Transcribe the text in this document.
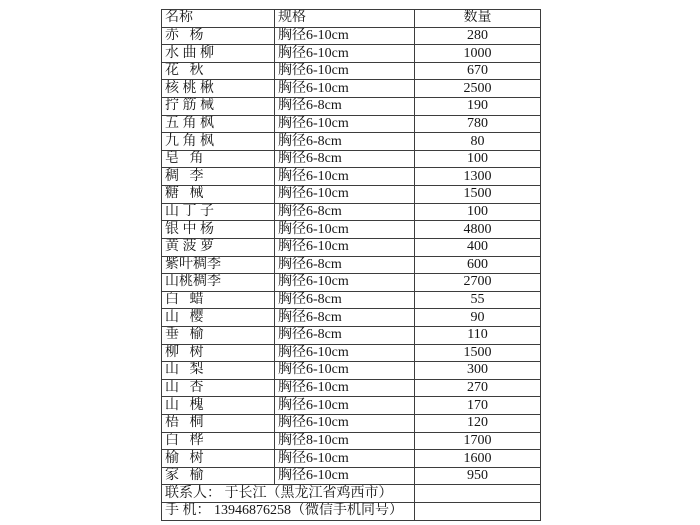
名称	规格	数量
赤   杨	胸径6-10cm	280
水 曲 柳	胸径6-10cm	1000
花   秋	胸径6-10cm	670
核 桃 楸	胸径6-10cm	2500
拧 筋 械	胸径6-8cm	190
五 角 枫	胸径6-10cm	780
九 角 枫	胸径6-8cm	80
皂   角	胸径6-8cm	100
稠   李	胸径6-10cm	1300
糖   械	胸径6-10cm	1500
山 丁 子	胸径6-8cm	100
银 中 杨	胸径6-10cm	4800
黄 菠 萝	胸径6-10cm	400
紫叶稠李	胸径6-8cm	600
山桃稠李	胸径6-10cm	2700
白   蜡	胸径6-8cm	55
山   樱	胸径6-8cm	90
垂   榆	胸径6-8cm	110
柳   树	胸径6-10cm	1500
山   梨	胸径6-10cm	300
山   杏	胸径6-10cm	270
山   槐	胸径6-10cm	170
梧   桐	胸径6-10cm	120
白   桦	胸径8-10cm	1700
榆   树	胸径6-10cm	1600
家   榆	胸径6-10cm	950
联系人： 于长江（黑龙江省鸡西市）		
手 机： 13946876258（微信手机同号）		
